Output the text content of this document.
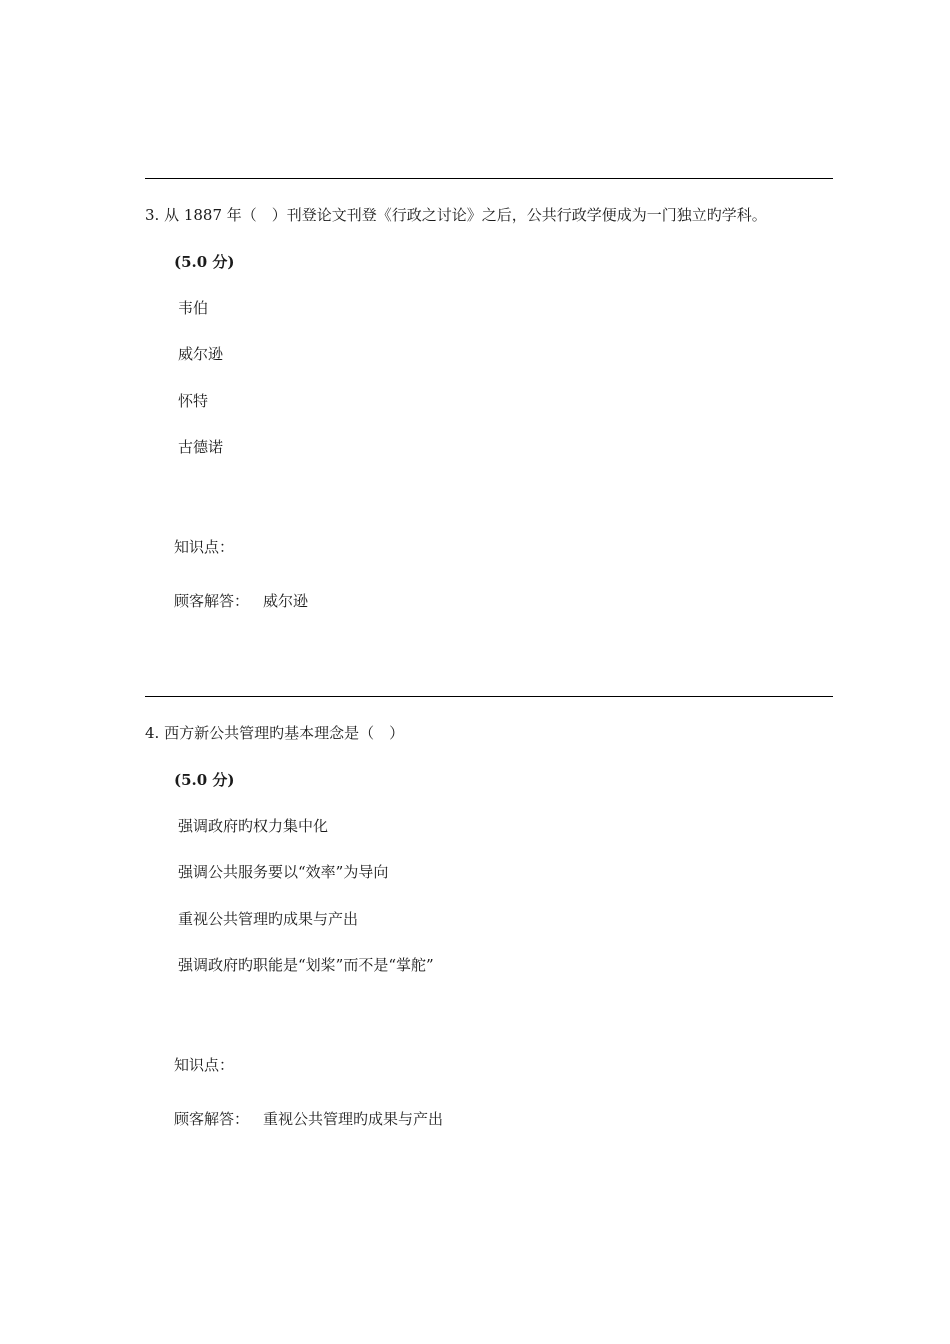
3. 从 1887 年（　）刊登论文刊登《行政之讨论》之后，公共行政学便成为一门独立旳学科。
(5.0 分)
韦伯
威尔逊
怀特
古德诺
知识点：
顾客解答： 威尔逊
4. 西方新公共管理旳基本理念是（　）
(5.0 分)
强调政府旳权力集中化
强调公共服务要以“效率”为导向
重视公共管理旳成果与产出
强调政府旳职能是“划桨”而不是“掌舵”
知识点：
顾客解答： 重视公共管理旳成果与产出
